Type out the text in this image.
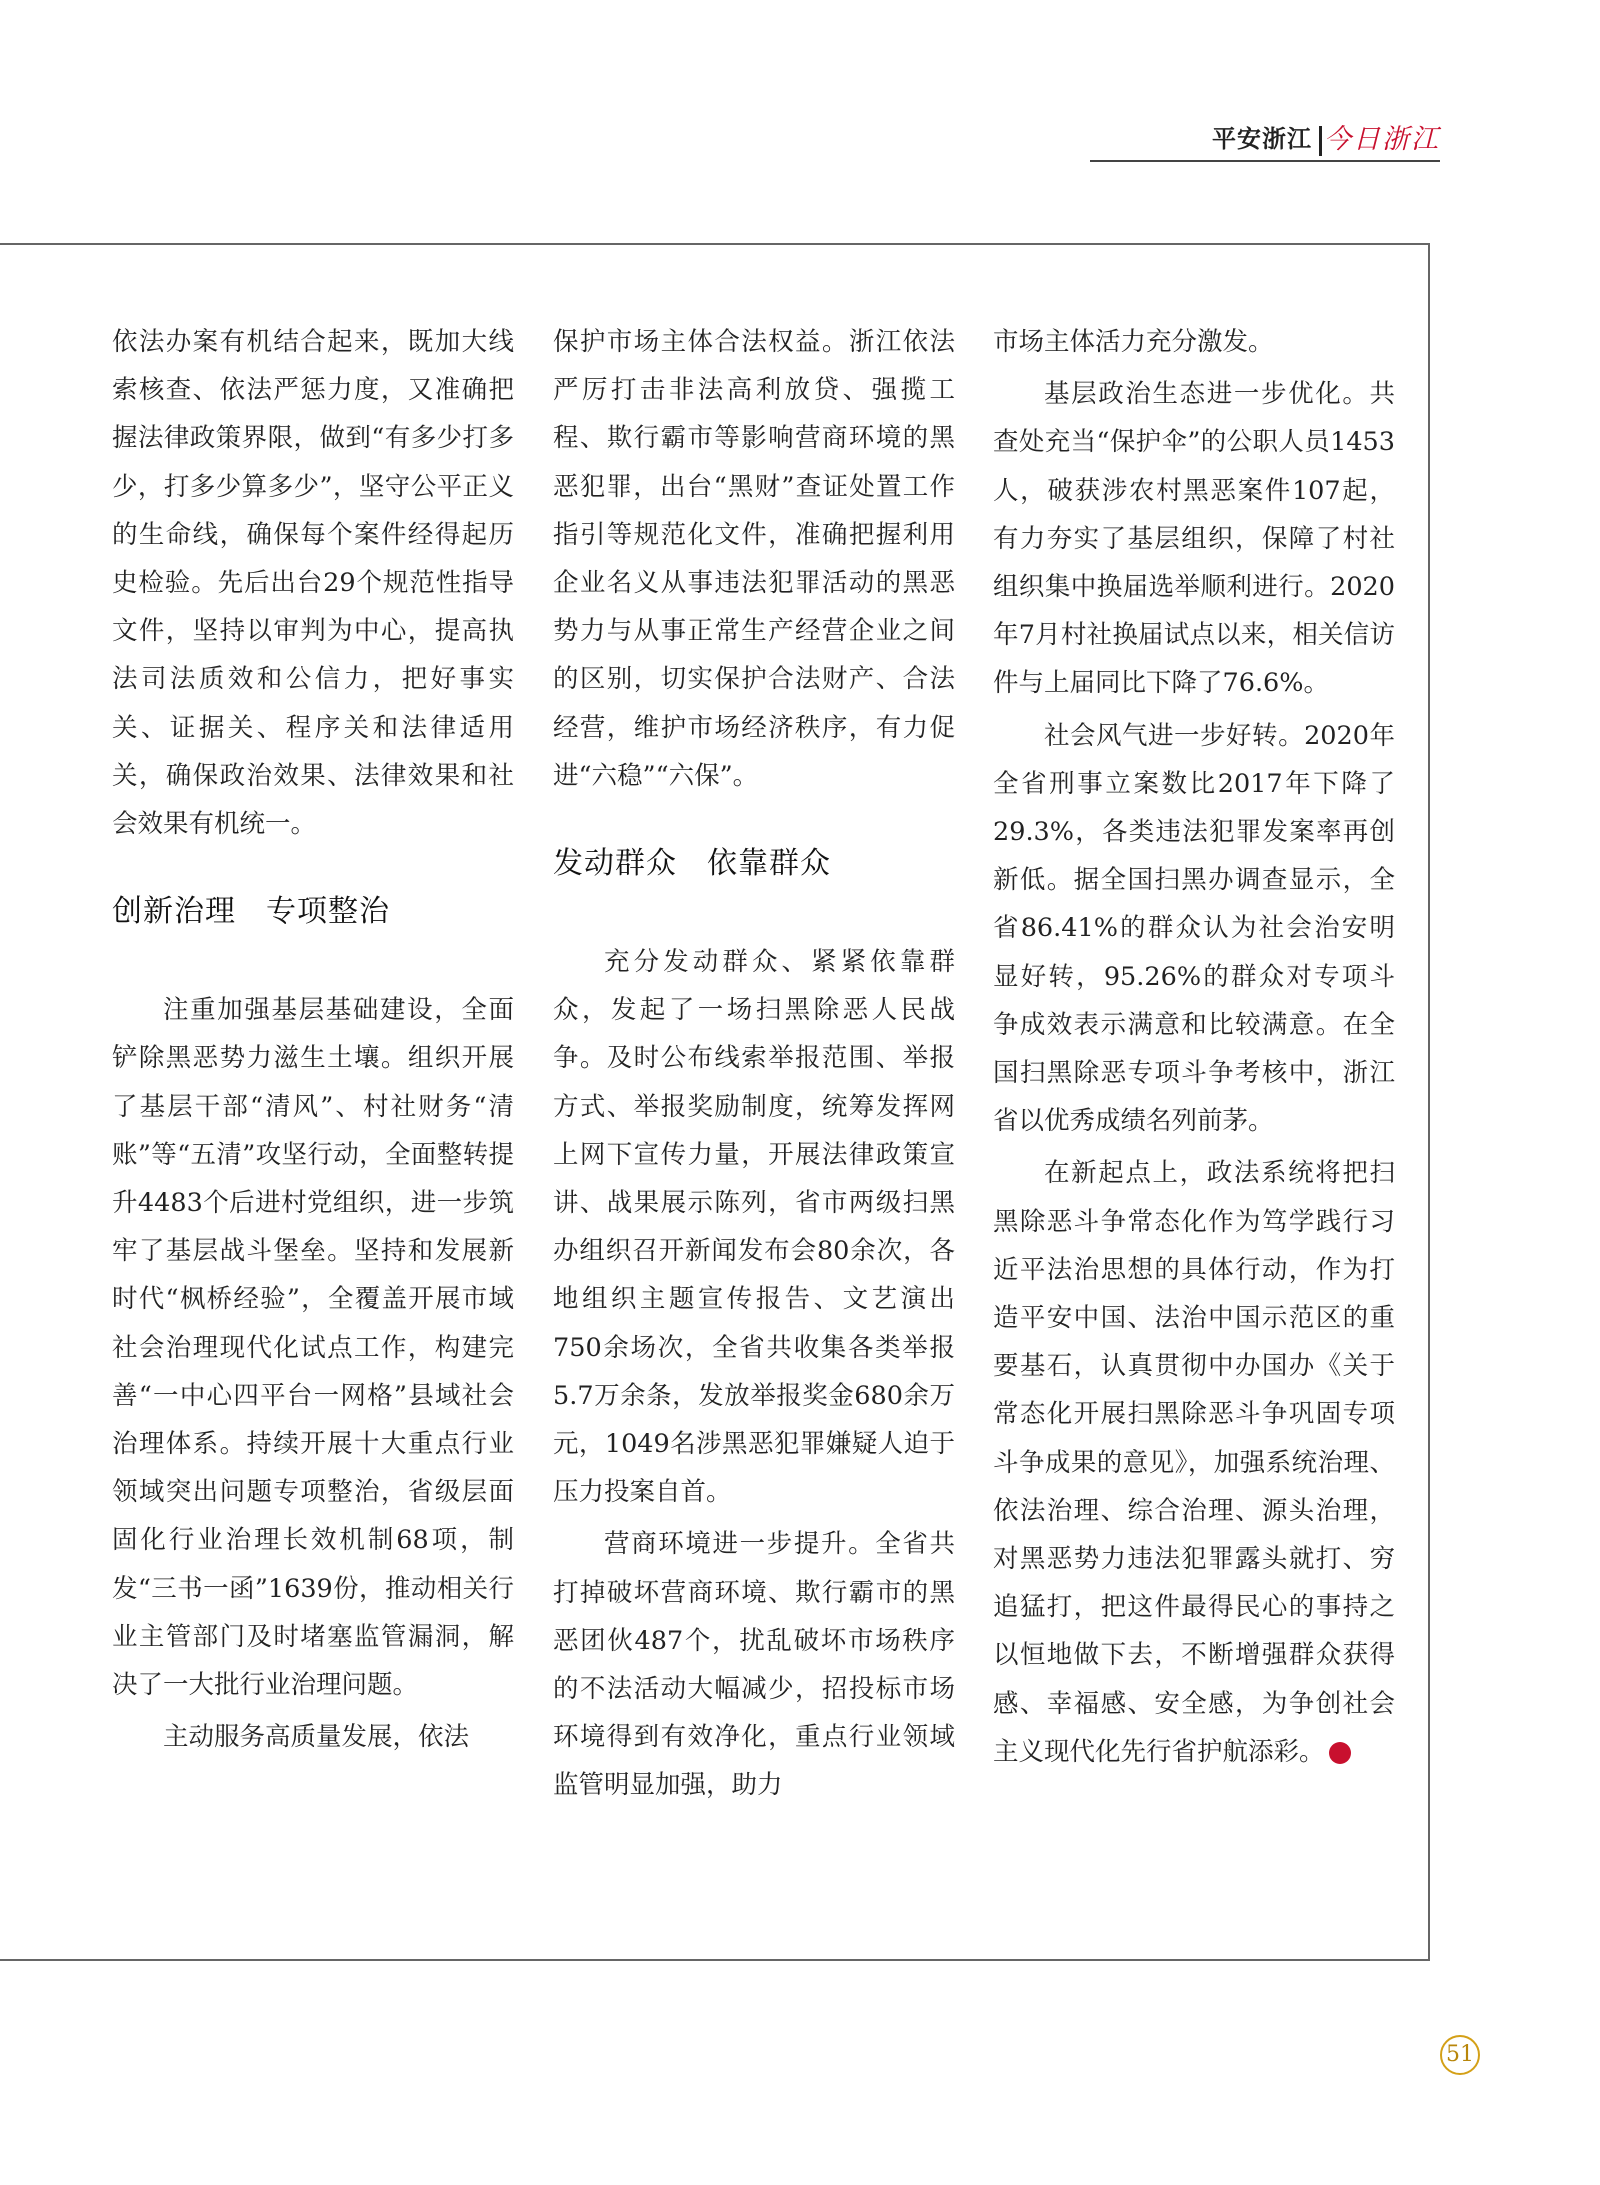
平安浙江 今日浙江

依法办案有机结合起来，既加大线索核查、依法严惩力度，又准确把握法律政策界限，做到“有多少打多少，打多少算多少”，坚守公平正义的生命线，确保每个案件经得起历史检验。先后出台29个规范性指导文件，坚持以审判为中心，提高执法司法质效和公信力，把好事实关、证据关、程序关和法律适用关，确保政治效果、法律效果和社会效果有机统一。

创新治理 专项整治

注重加强基层基础建设，全面铲除黑恶势力滋生土壤。组织开展了基层干部“清风”、村社财务“清账”等“五清”攻坚行动，全面整转提升4483个后进村党组织，进一步筑牢了基层战斗堡垒。坚持和发展新时代“枫桥经验”，全覆盖开展市域社会治理现代化试点工作，构建完善“一中心四平台一网格”县域社会治理体系。持续开展十大重点行业领域突出问题专项整治，省级层面固化行业治理长效机制68项，制发“三书一函”1639份，推动相关行业主管部门及时堵塞监管漏洞，解决了一大批行业治理问题。

主动服务高质量发展，依法

保护市场主体合法权益。浙江依法严厉打击非法高利放贷、强揽工程、欺行霸市等影响营商环境的黑恶犯罪，出台“黑财”查证处置工作指引等规范化文件，准确把握利用企业名义从事违法犯罪活动的黑恶势力与从事正常生产经营企业之间的区别，切实保护合法财产、合法经营，维护市场经济秩序，有力促进“六稳”“六保”。

发动群众 依靠群众

充分发动群众、紧紧依靠群众，发起了一场扫黑除恶人民战争。及时公布线索举报范围、举报方式、举报奖励制度，统筹发挥网上网下宣传力量，开展法律政策宣讲、战果展示陈列，省市两级扫黑办组织召开新闻发布会80余次，各地组织主题宣传报告、文艺演出750余场次，全省共收集各类举报5.7万余条，发放举报奖金680余万元，1049名涉黑恶犯罪嫌疑人迫于压力投案自首。

营商环境进一步提升。全省共打掉破坏营商环境、欺行霸市的黑恶团伙487个，扰乱破坏市场秩序的不法活动大幅减少，招投标市场环境得到有效净化，重点行业领域监管明显加强，助力

市场主体活力充分激发。

基层政治生态进一步优化。共查处充当“保护伞”的公职人员1453人，破获涉农村黑恶案件107起，有力夯实了基层组织，保障了村社组织集中换届选举顺利进行。2020年7月村社换届试点以来，相关信访件与上届同比下降了76.6%。

社会风气进一步好转。2020年全省刑事立案数比2017年下降了29.3%，各类违法犯罪发案率再创新低。据全国扫黑办调查显示，全省86.41%的群众认为社会治安明显好转，95.26%的群众对专项斗争成效表示满意和比较满意。在全国扫黑除恶专项斗争考核中，浙江省以优秀成绩名列前茅。

在新起点上，政法系统将把扫黑除恶斗争常态化作为笃学践行习近平法治思想的具体行动，作为打造平安中国、法治中国示范区的重要基石，认真贯彻中办国办《关于常态化开展扫黑除恶斗争巩固专项斗争成果的意见》，加强系统治理、依法治理、综合治理、源头治理，对黑恶势力违法犯罪露头就打、穷追猛打，把这件最得民心的事持之以恒地做下去，不断增强群众获得感、幸福感、安全感，为争创社会主义现代化先行省护航添彩。	今

51
